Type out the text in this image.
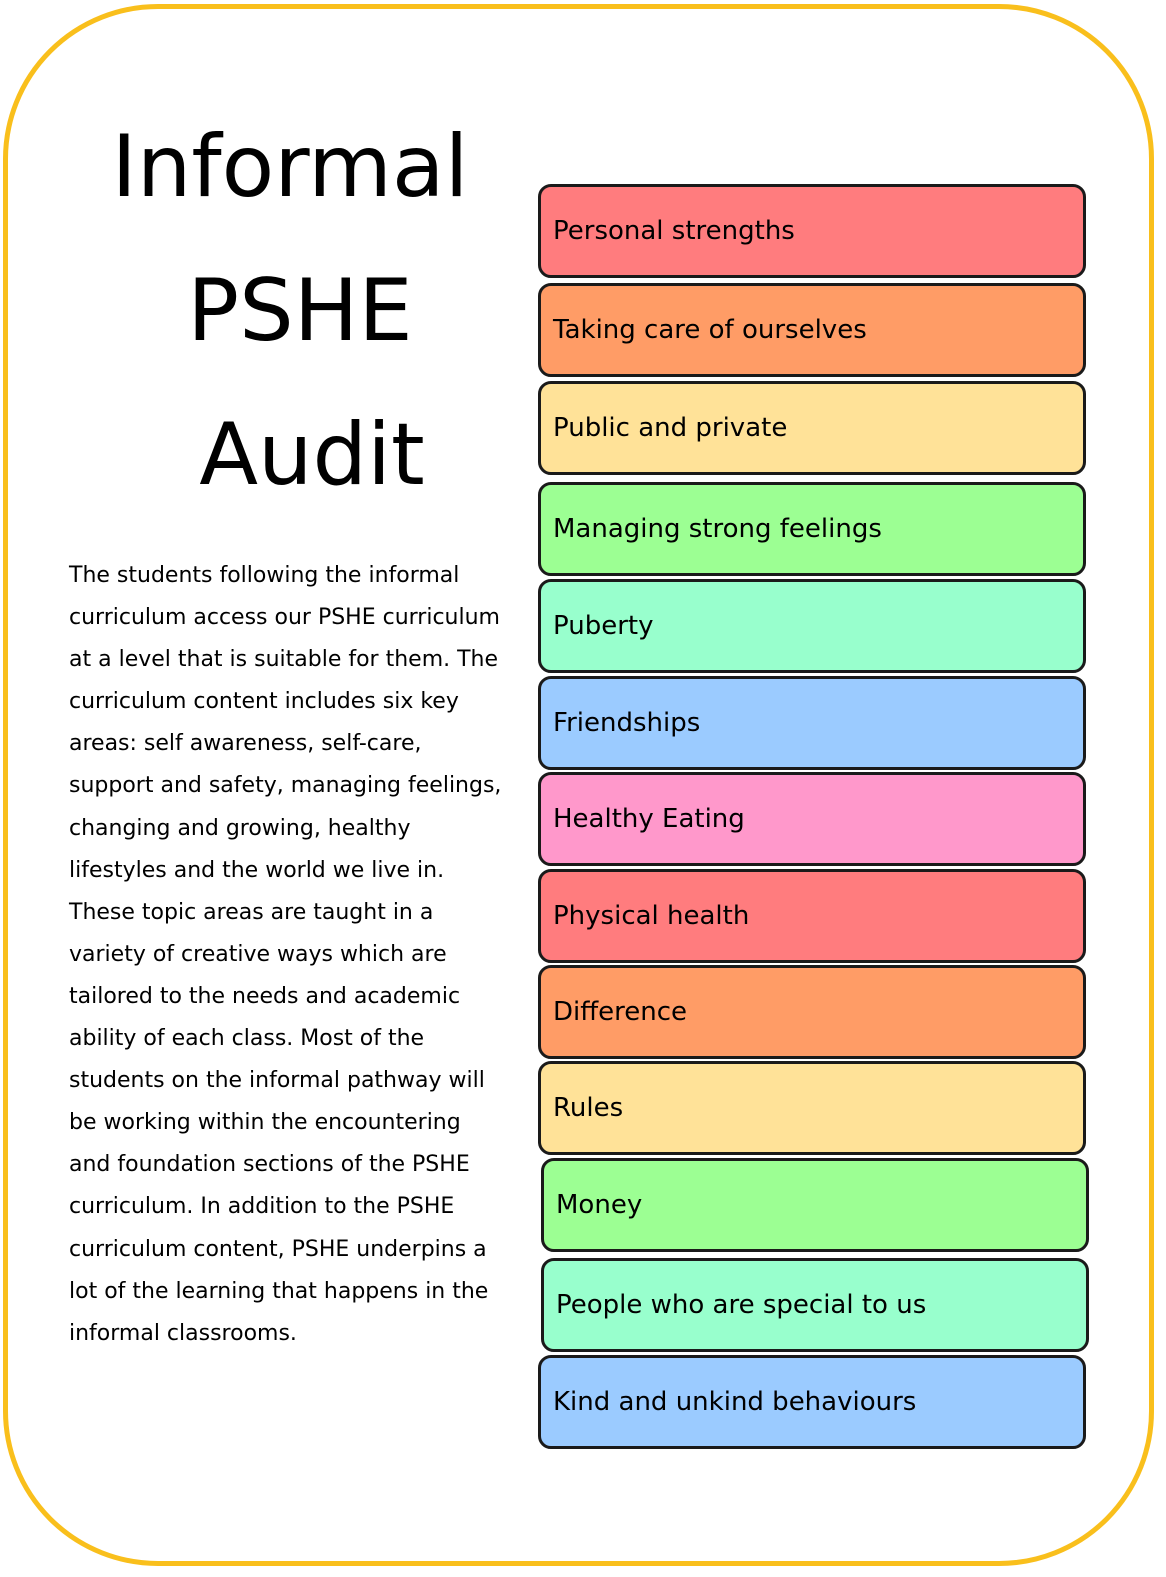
Informal
PSHE
Audit

The students following the informal
curriculum access our PSHE curriculum
at a level that is suitable for them. The
curriculum content includes six key
areas: self awareness, self-care,
support and safety, managing feelings,
changing and growing, healthy
lifestyles and the world we live in.
These topic areas are taught in a
variety of creative ways which are
tailored to the needs and academic
ability of each class. Most of the
students on the informal pathway will
be working within the encountering
and foundation sections of the PSHE
curriculum. In addition to the PSHE
curriculum content, PSHE underpins a
lot of the learning that happens in the
informal classrooms.

Personal strengths
Taking care of ourselves
Public and private
Managing strong feelings
Puberty
Friendships
Healthy Eating
Physical health
Difference
Rules
Money
People who are special to us
Kind and unkind behaviours
